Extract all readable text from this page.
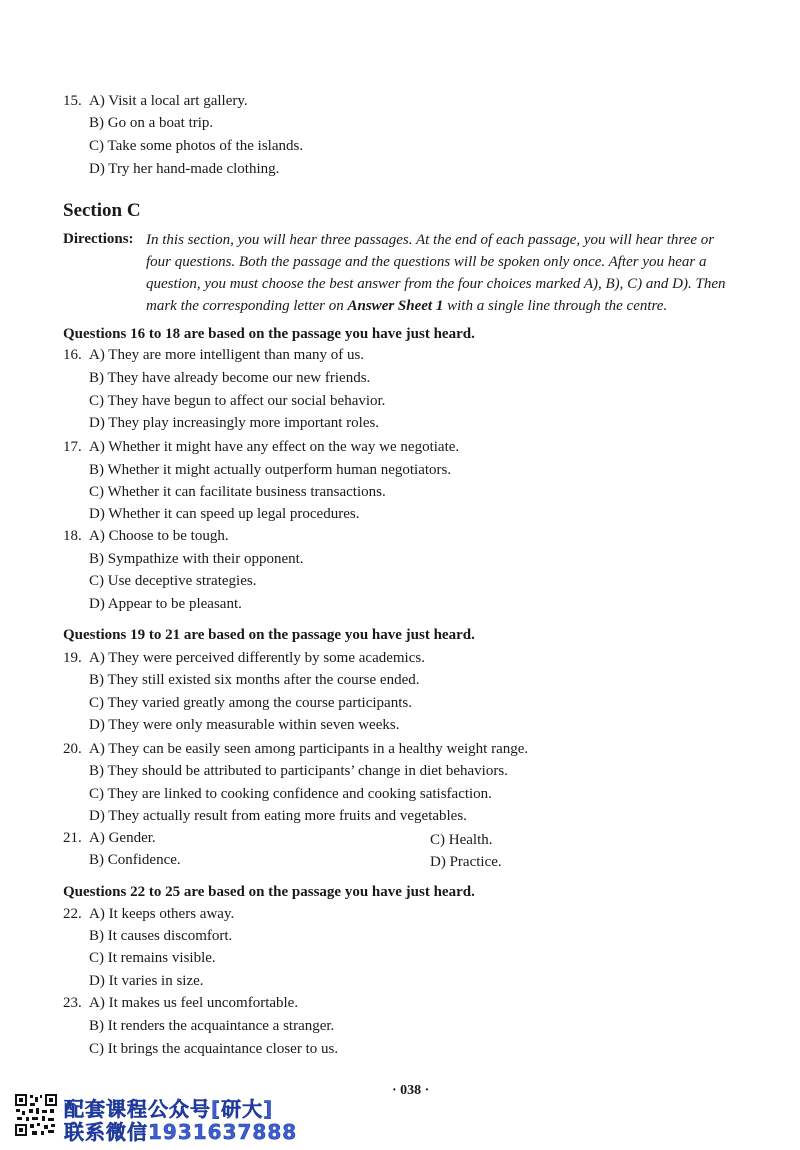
15. A) Visit a local art gallery.
B) Go on a boat trip.
C) Take some photos of the islands.
D) Try her hand-made clothing.
Section C
Directions: In this section, you will hear three passages. At the end of each passage, you will hear three or
four questions. Both the passage and the questions will be spoken only once. After you hear a
question, you must choose the best answer from the four choices marked A), B), C) and D). Then
mark the corresponding letter on Answer Sheet 1 with a single line through the centre.
Questions 16 to 18 are based on the passage you have just heard.
16. A) They are more intelligent than many of us.
B) They have already become our new friends.
C) They have begun to affect our social behavior.
D) They play increasingly more important roles.
17. A) Whether it might have any effect on the way we negotiate.
B) Whether it might actually outperform human negotiators.
C) Whether it can facilitate business transactions.
D) Whether it can speed up legal procedures.
18. A) Choose to be tough.
B) Sympathize with their opponent.
C) Use deceptive strategies.
D) Appear to be pleasant.
Questions 19 to 21 are based on the passage you have just heard.
19. A) They were perceived differently by some academics.
B) They still existed six months after the course ended.
C) They varied greatly among the course participants.
D) They were only measurable within seven weeks.
20. A) They can be easily seen among participants in a healthy weight range.
B) They should be attributed to participants’ change in diet behaviors.
C) They are linked to cooking confidence and cooking satisfaction.
D) They actually result from eating more fruits and vegetables.
21. A) Gender.	C) Health.
B) Confidence.	D) Practice.
Questions 22 to 25 are based on the passage you have just heard.
22. A) It keeps others away.
B) It causes discomfort.
C) It remains visible.
D) It varies in size.
23. A) It makes us feel uncomfortable.
B) It renders the acquaintance a stranger.
C) It brings the acquaintance closer to us.
· 038 ·
配套课程公众号[研大]
联系微信1931637888
